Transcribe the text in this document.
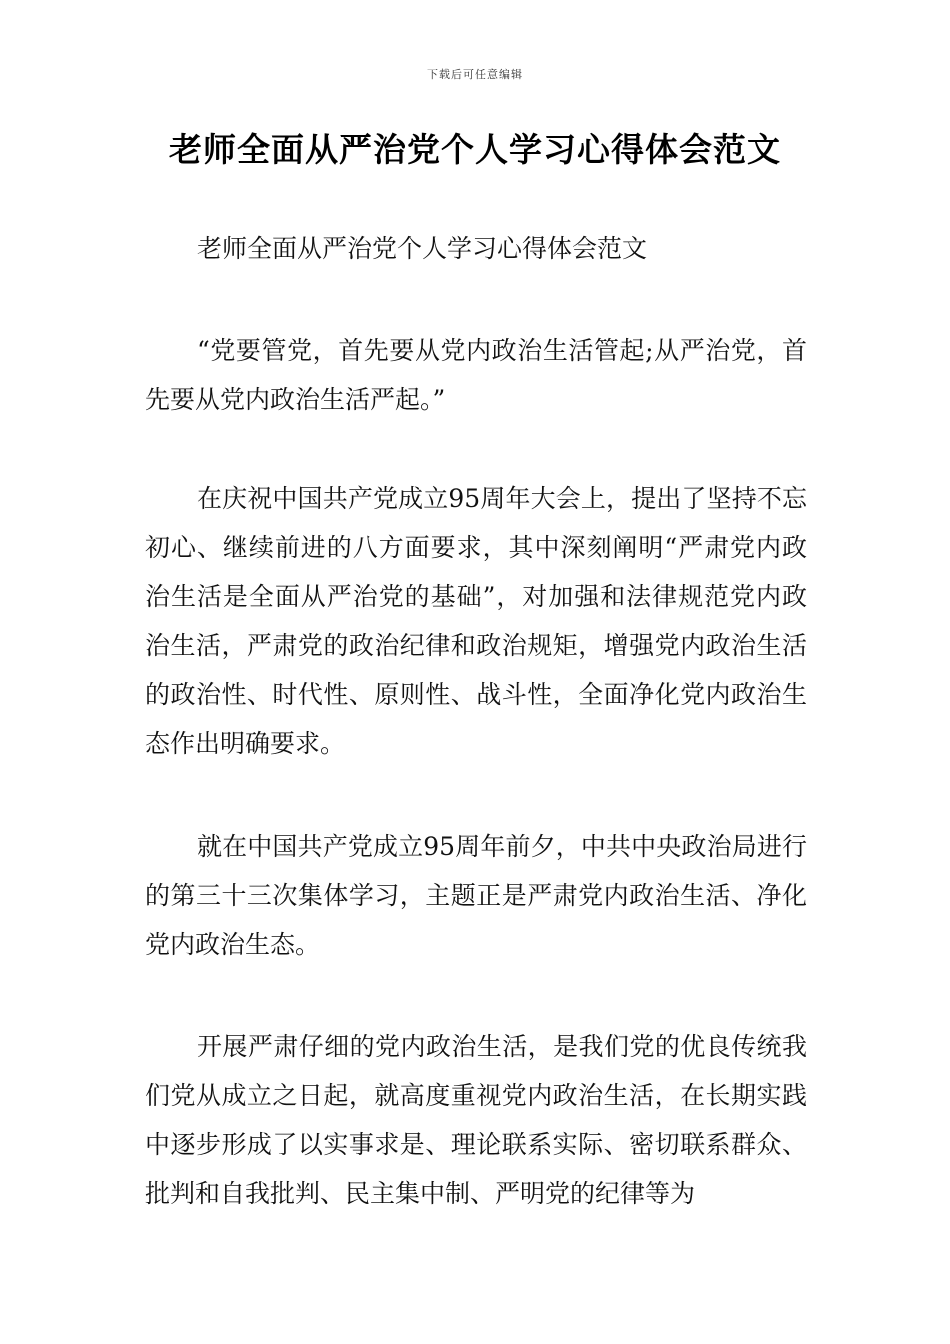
下载后可任意编辑
老师全面从严治党个人学习心得体会范文

老师全面从严治党个人学习心得体会范文

“党要管党，首先要从党内政治生活管起;从严治党，首先要从党内政治生活严起。”

在庆祝中国共产党成立95周年大会上，提出了坚持不忘初心、继续前进的八方面要求，其中深刻阐明“严肃党内政治生活是全面从严治党的基础”，对加强和法律规范党内政治生活，严肃党的政治纪律和政治规矩，增强党内政治生活的政治性、时代性、原则性、战斗性，全面净化党内政治生态作出明确要求。

就在中国共产党成立95周年前夕，中共中央政治局进行的第三十三次集体学习，主题正是严肃党内政治生活、净化党内政治生态。

开展严肃仔细的党内政治生活，是我们党的优良传统我们党从成立之日起，就高度重视党内政治生活，在长期实践中逐步形成了以实事求是、理论联系实际、密切联系群众、批判和自我批判、民主集中制、严明党的纪律等为
